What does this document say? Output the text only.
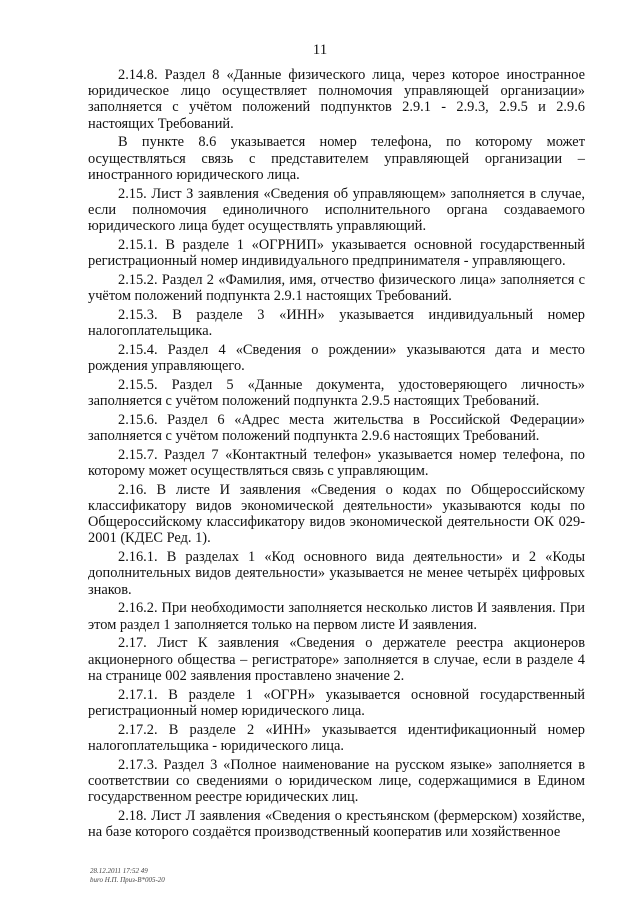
11

2.14.8. Раздел 8 «Данные физического лица, через которое иностранное юридическое лицо осуществляет полномочия управляющей организации» заполняется с учётом положений подпунктов 2.9.1 - 2.9.3, 2.9.5 и 2.9.6 настоящих Требований.

В пункте 8.6 указывается номер телефона, по которому может осуществляться связь с представителем управляющей организации – иностранного юридического лица.

2.15. Лист З заявления «Сведения об управляющем» заполняется в случае, если полномочия единоличного исполнительного органа создаваемого юридического лица будет осуществлять управляющий.

2.15.1. В разделе 1 «ОГРНИП» указывается основной государственный регистрационный номер индивидуального предпринимателя - управляющего.

2.15.2. Раздел 2 «Фамилия, имя, отчество физического лица» заполняется с учётом положений подпункта 2.9.1 настоящих Требований.

2.15.3. В разделе 3 «ИНН» указывается индивидуальный номер налогоплательщика.

2.15.4. Раздел 4 «Сведения о рождении» указываются дата и место рождения управляющего.

2.15.5. Раздел 5 «Данные документа, удостоверяющего личность» заполняется с учётом положений подпункта 2.9.5 настоящих Требований.

2.15.6. Раздел 6 «Адрес места жительства в Российской Федерации» заполняется с учётом положений подпункта 2.9.6 настоящих Требований.

2.15.7. Раздел 7 «Контактный телефон» указывается номер телефона, по которому может осуществляться связь с управляющим.

2.16. В листе И заявления «Сведения о кодах по Общероссийскому классификатору видов экономической деятельности» указываются коды по Общероссийскому классификатору видов экономической деятельности ОК 029-2001 (КДЕС Ред. 1).

2.16.1. В разделах 1 «Код основного вида деятельности» и 2 «Коды дополнительных видов деятельности» указывается не менее четырёх цифровых знаков.

2.16.2. При необходимости заполняется несколько листов И заявления. При этом раздел 1 заполняется только на первом листе И заявления.

2.17. Лист К заявления «Сведения о держателе реестра акционеров акционерного общества – регистраторе» заполняется в случае, если в разделе 4 на странице 002 заявления проставлено значение 2.

2.17.1. В разделе 1 «ОГРН» указывается основной государственный регистрационный номер юридического лица.

2.17.2. В разделе 2 «ИНН» указывается идентификационный номер налогоплательщика - юридического лица.

2.17.3. Раздел 3 «Полное наименование на русском языке» заполняется в соответствии со сведениями о юридическом лице, содержащимися в Едином государственном реестре юридических лиц.

2.18. Лист Л заявления «Сведения о крестьянском (фермерском) хозяйстве, на базе которого создаётся производственный кооператив или хозяйственное

28.12.2011 17:52 49
buro Н.П. Приз-В*005-20
